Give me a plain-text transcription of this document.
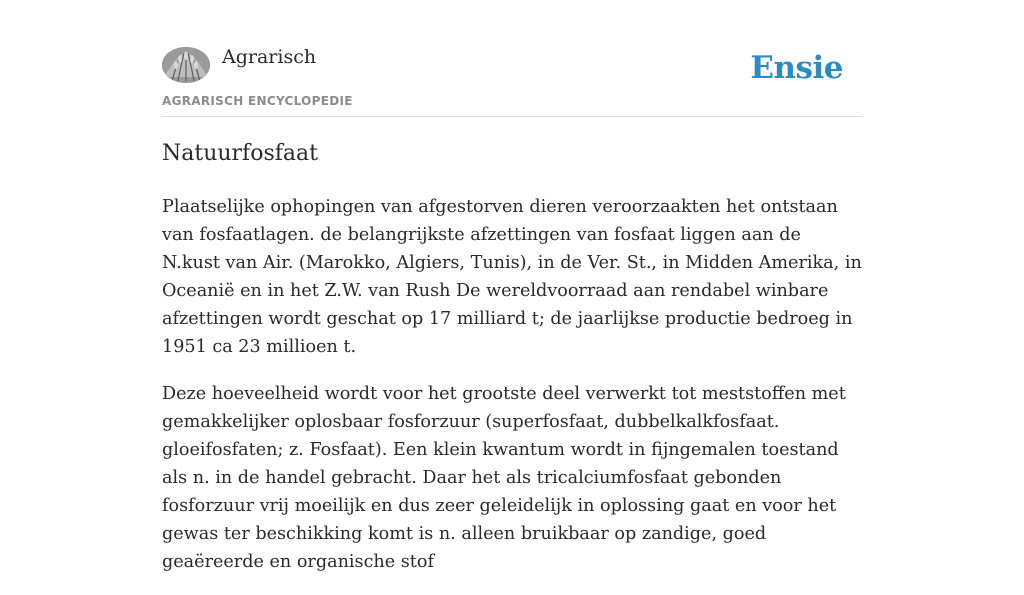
Agrarisch
AGRARISCH ENCYCLOPEDIE
Ensie
Natuurfosfaat

Plaatselijke ophopingen van afgestorven dieren veroorzaakten het ontstaan van fosfaatlagen. de belangrijkste afzettingen van fosfaat liggen aan de N.kust van Air. (Marokko, Algiers, Tunis), in de Ver. St., in Midden Amerika, in Oceanië en in het Z.W. van Rush De wereldvoorraad aan rendabel winbare afzettingen wordt geschat op 17 milliard t; de jaarlijkse productie bedroeg in 1951 ca 23 millioen t.

Deze hoeveelheid wordt voor het grootste deel verwerkt tot meststoffen met gemakkelijker oplosbaar fosforzuur (superfosfaat, dubbelkalkfosfaat. gloeifosfaten; z. Fosfaat). Een klein kwantum wordt in fijngemalen toestand als n. in de handel gebracht. Daar het als tricalciumfosfaat gebonden fosforzuur vrij moeilijk en dus zeer geleidelijk in oplossing gaat en voor het gewas ter beschikking komt is n. alleen bruikbaar op zandige, goed geaëreerde en organische stof
